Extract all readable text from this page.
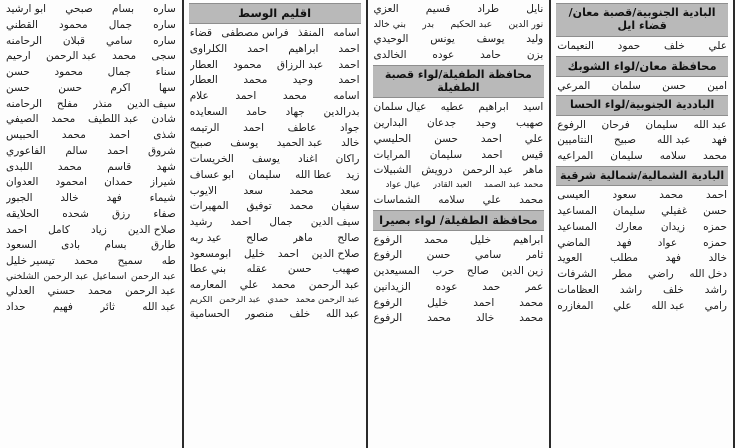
البادية الجنوبية/قصبة معان/ قضاء ايل
علي
خلف
حمود
النعيمات
محافظة معان/لواء الشوبك
امين
حسن
سلمان
المرعي
الباددية الجنوبية/لواء الحسا
عبد الله
سليمان
فرحان
الرفوع
فهد
عبد الله
صبيح
النتاميين
محمد
سلامه
سليمان
المراعيه
البادية الشمالية/شمالية شرقية
احمد
محمد
سعود
العيسى
حسن
غفيلي
سليمان
المساعيد
حمزه
زيدان
معارك
المساعيد
حمزه
عواد
فهد
الماضي
خالد
فهد
مطلب
العويد
دخل الله
راضي
مطر
الشرفات
راشد
خلف
راشد
العظامات
رامي
عبد الله
علي
المغازره
نايل
طراد
قسيم
العزي
نور الدين
عبد الحكيم
بدر
بني خالد
وليد
يوسف
يونس
الوحيدي
بزن
حامد
عوده
الخالدى
محافظة الطفيلة/لواء قصبة الطفيلة
اسيد
ابراهيم
عطيه
عيال سلمان
صهيب
وحيد
جدعان
البدارين
علي
احمد
حسن
الحليسي
قيس
احمد
سليمان
المرايات
ماهر
عبد الرحمن
درويش
الشبيلات
محمد عبد الصمد
العبد القادر
عيال عواد
محمد
علي
سلامه
الشماسات
محافظة الطفيلة/ لواء بصيرا
ابراهيم
خليل
محمد
الرفوع
ثامر
سامي
حسن
الرفوع
زين الدين
صالح
حرب
المسيعدين
عمر
حمد
عوده
الزيدانين
محمد
احمد
خليل
الرفوع
محمد
خالد
محمد
الرفوع
اقليم الوسط
أسامه
المنقذ
فراس مصطفى
قضاء
احمد
ابراهيم
احمد
الكلراوى
احمد
عبد الرزاق
محمود
العطار
احمد
وحيد
محمد
العطار
اسامه
محمد
احمد
علام
بدرالدين
جهاد
حامد
السعايده
جواد
عاطف
احمد
الرتيمه
خالد
عبد الحميد
يوسف
صبيح
راكان
اغناد
يوسف
الخريسات
زيد
عطا الله
سليمان
ابو عساف
سعد
محمد
سعد
الايوب
سفيان
محمد
توفيق
المهيرات
سيف الدين
جمال
احمد
رشيد
صالح
ماهر
صالح
عيد ربه
صلاح الدين
احمد
خليل
ابومسعود
صهيب
حسن
عقله
بني عطا
عبد الرحمن
محمد
علي
المعارمه
عبد الرحمن محمد
حمدي
عبد الرحمن
الكريم
عبد الله
خلف
منصور
الحسامية
ساره
بسام
صبحي
ابو ارشيد
ساره
جمال
محمود
القطني
ساره
سامي
قبلان
الرحامنه
سجى
محمد
عبد الرحمن
ارحيم
سناء
جمال
محمود
حسن
سها
اكرم
حسن
حسن
سيف الدين
منذر
مفلح
الرحامنه
شادن
عبد اللطيف
محمد
الصيفي
شذى
احمد
محمد
الحبيس
شروق
احمد
سالم
الفاعوري
شهد
قاسم
محمد
اللبدى
شيراز
حمدان
امحمود
العدوان
شيماء
فهد
خالد
الجبور
صفاء
رزق
شحده
الحلايقه
صلاح الدين
زياد
كامل
احمد
طارق
بسام
بادى
السعود
طه
سميح
محمد
تيسير خليل
عبد الرحمن
اسماعيل
عبد الرحمن
الشلخني
عبد الرحمن
محمد
حسني
العدلي
عبد الله
ثائر
فهيم
حداد
